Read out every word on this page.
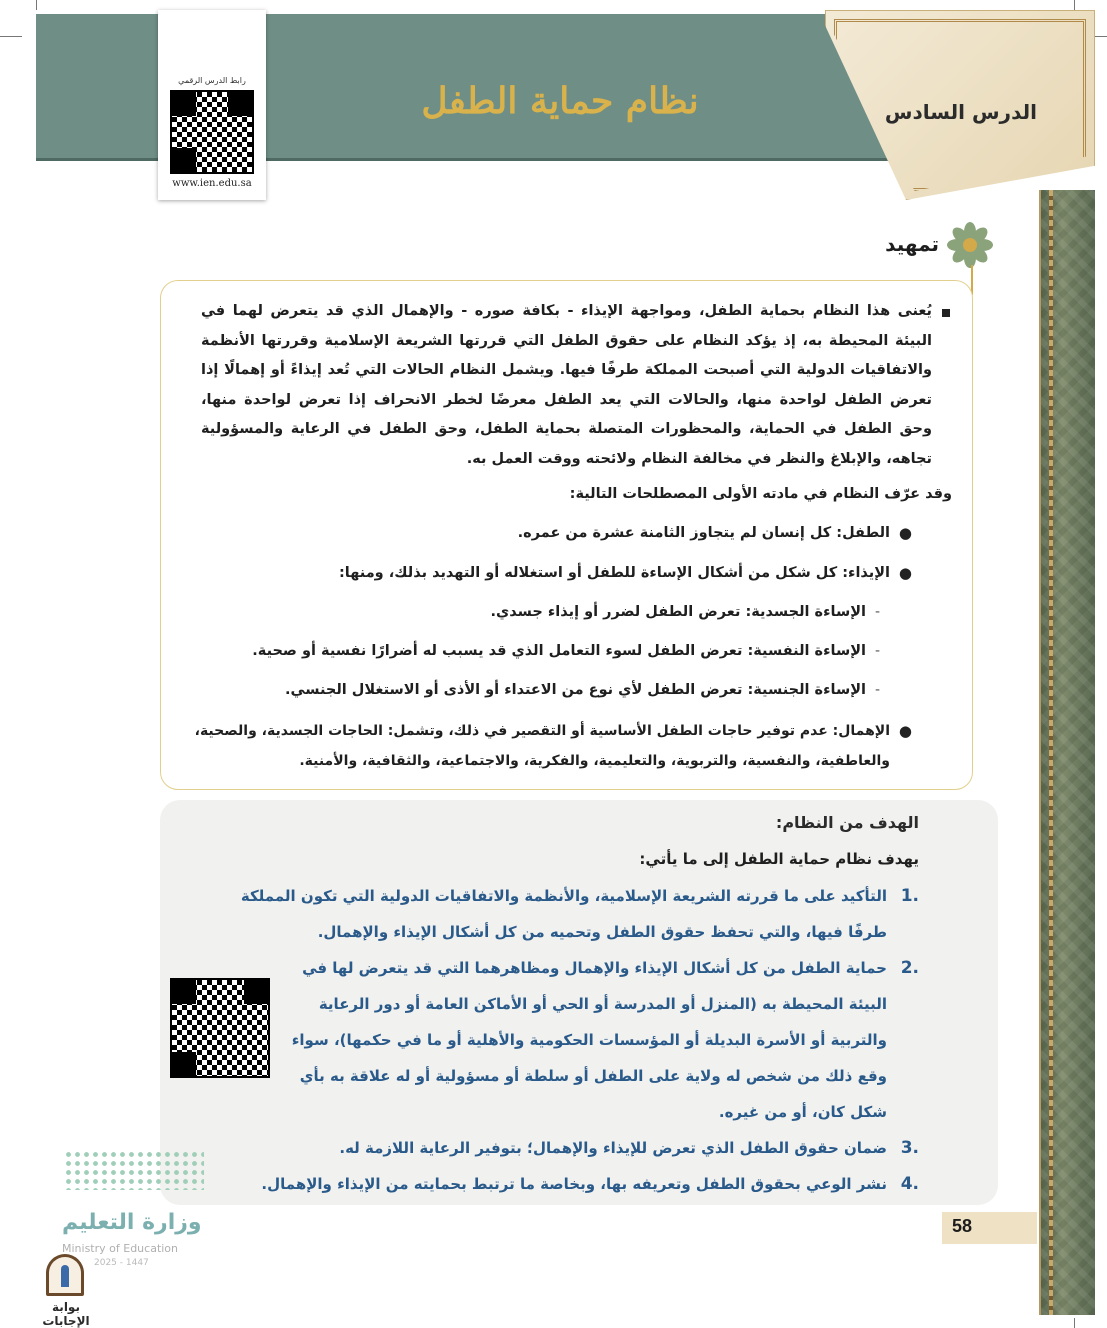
نظام حماية الطفل	الدرس السادس
رابط الدرس الرقمي
www.ien.edu.sa
تمهيد
يُعنى هذا النظام بحماية الطفل، ومواجهة الإيذاء - بكافة صوره - والإهمال الذي قد يتعرض لهما في البيئة المحيطة به، إذ يؤكد النظام على حقوق الطفل التي قررتها الشريعة الإسلامية وقررتها الأنظمة والاتفاقيات الدولية التي أصبحت المملكة طرفًا فيها. ويشمل النظام الحالات التي تُعد إيذاءً أو إهمالًا إذا تعرض الطفل لواحدة منها، والحالات التي يعد الطفل معرضًا لخطر الانحراف إذا تعرض لواحدة منها، وحق الطفل في الحماية، والمحظورات المتصلة بحماية الطفل، وحق الطفل في الرعاية والمسؤولية تجاهه، والإبلاغ والنظر في مخالفة النظام ولائحته ووقت العمل به.
وقد عرّف النظام في مادته الأولى المصطلحات التالية:
●
الطفل: كل إنسان لم يتجاوز الثامنة عشرة من عمره.
●
الإيذاء: كل شكل من أشكال الإساءة للطفل أو استغلاله أو التهديد بذلك، ومنها:
-
الإساءة الجسدية: تعرض الطفل لضرر أو إيذاء جسدي.
-
الإساءة النفسية: تعرض الطفل لسوء التعامل الذي قد يسبب له أضرارًا نفسية أو صحية.
-
الإساءة الجنسية: تعرض الطفل لأي نوع من الاعتداء أو الأذى أو الاستغلال الجنسي.
●
الإهمال: عدم توفير حاجات الطفل الأساسية أو التقصير في ذلك، وتشمل: الحاجات الجسدية، والصحية،
والعاطفية، والنفسية، والتربوية، والتعليمية، والفكرية، والاجتماعية، والثقافية، والأمنية.
الهدف من النظام:
يهدف نظام حماية الطفل إلى ما يأتي:
1.
التأكيد على ما قررته الشريعة الإسلامية، والأنظمة والاتفاقيات الدولية التي تكون المملكة
طرفًا فيها، والتي تحفظ حقوق الطفل وتحميه من كل أشكال الإيذاء والإهمال.
2.
حماية الطفل من كل أشكال الإيذاء والإهمال ومظاهرهما التي قد يتعرض لها في
البيئة المحيطة به (المنزل أو المدرسة أو الحي أو الأماكن العامة أو دور الرعاية
والتربية أو الأسرة البديلة أو المؤسسات الحكومية والأهلية أو ما في حكمها)، سواء
وقع ذلك من شخص له ولاية على الطفل أو سلطة أو مسؤولية أو له علاقة به بأي
شكل كان، أو من غيره.
3.
ضمان حقوق الطفل الذي تعرض للإيذاء والإهمال؛ بتوفير الرعاية اللازمة له.
4.
نشر الوعي بحقوق الطفل وتعريفه بها، وبخاصة ما ترتبط بحمايته من الإيذاء والإهمال.
وزارة التعليم
Ministry of Education
2025 - 1447
58
بوابة الإجابات
